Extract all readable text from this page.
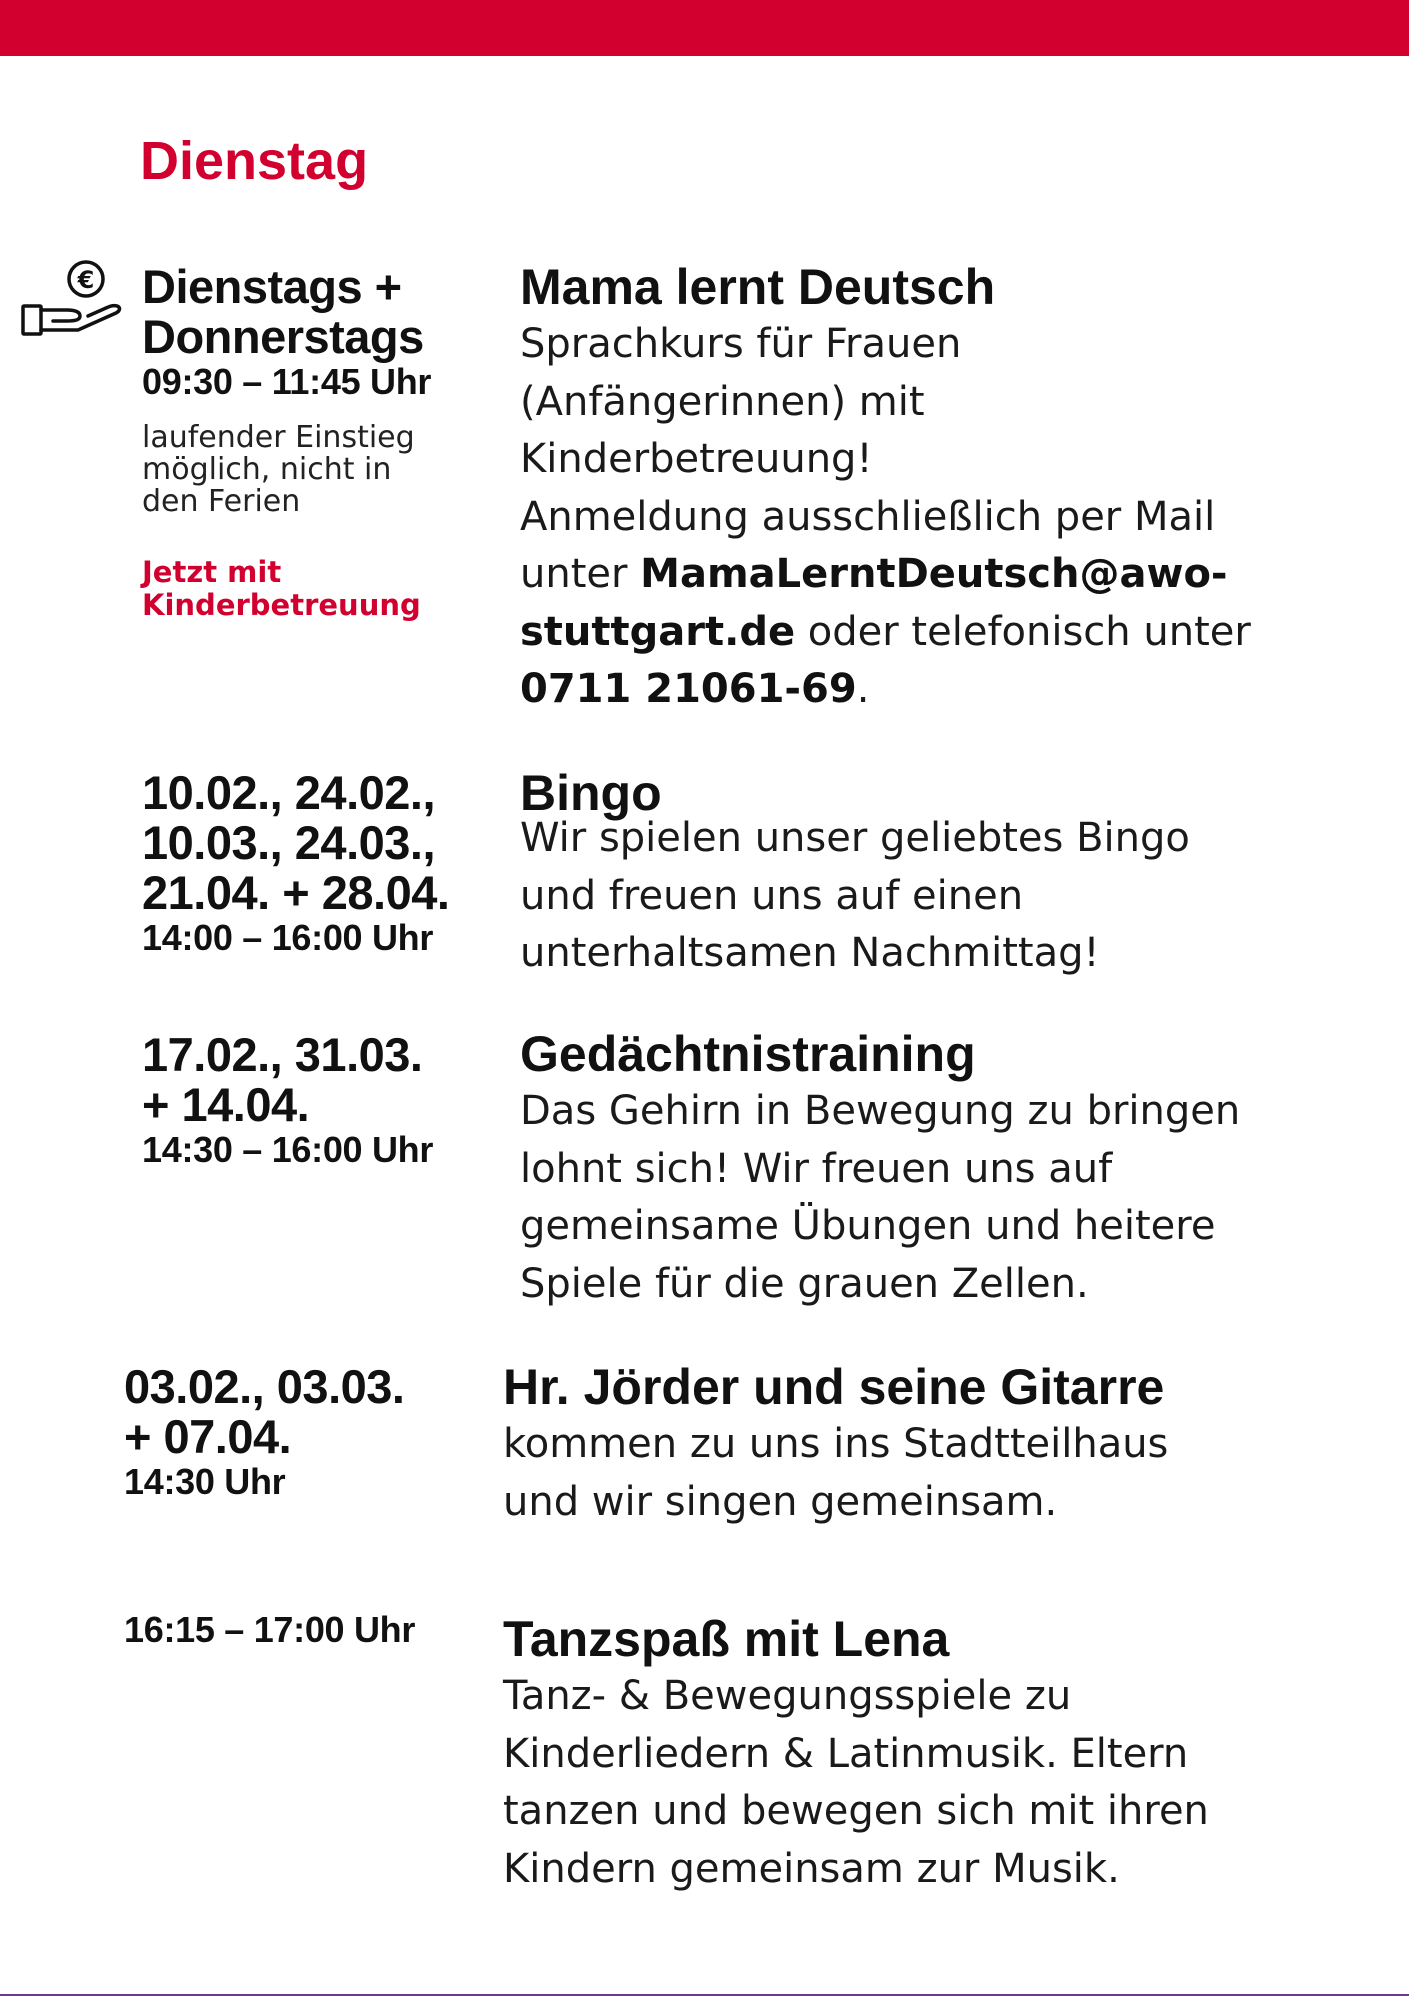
Dienstag
€ Dienstags +
Donnerstags
09:30 – 11:45 Uhr
laufender Einstieg
möglich, nicht in
den Ferien
Jetzt mit
Kinderbetreuung
Mama lernt Deutsch
Sprachkurs für Frauen
(Anfängerinnen) mit
Kinderbetreuung!
Anmeldung ausschließlich per Mail
unter MamaLerntDeutsch@awo-
stuttgart.de oder telefonisch unter
0711 21061-69.
10.02., 24.02.,
10.03., 24.03.,
21.04. + 28.04.
14:00 – 16:00 Uhr
Bingo
Wir spielen unser geliebtes Bingo
und freuen uns auf einen
unterhaltsamen Nachmittag!
17.02., 31.03.
+ 14.04.
14:30 – 16:00 Uhr
Gedächtnistraining
Das Gehirn in Bewegung zu bringen
lohnt sich! Wir freuen uns auf
gemeinsame Übungen und heitere
Spiele für die grauen Zellen.
03.02., 03.03.
+ 07.04.
14:30 Uhr
Hr. Jörder und seine Gitarre
kommen zu uns ins Stadtteilhaus
und wir singen gemeinsam.
16:15 – 17:00 Uhr Tanzspaß mit Lena
Tanz- & Bewegungsspiele zu
Kinderliedern & Latinmusik. Eltern
tanzen und bewegen sich mit ihren
Kindern gemeinsam zur Musik.
